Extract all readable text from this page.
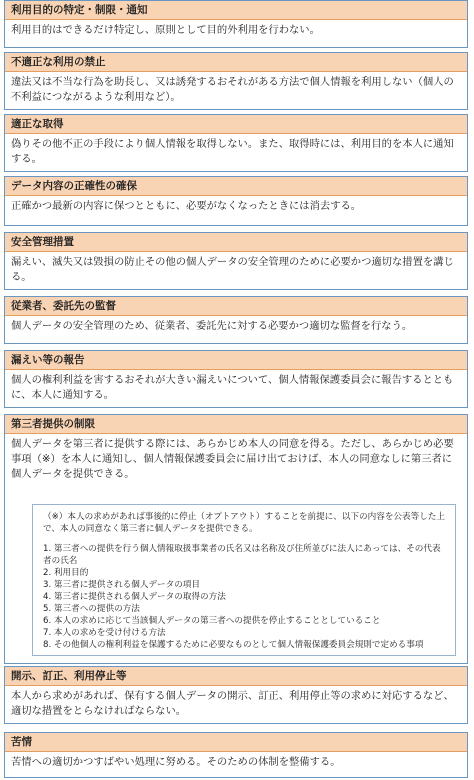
利用目的の特定・制限・通知
利用目的はできるだけ特定し、原則として目的外利用を行わない。
不適正な利用の禁止
違法又は不当な行為を助長し、又は誘発するおそれがある方法で個人情報を利用しない（個人の不利益につながるような利用など）。
適正な取得
偽りその他不正の手段により個人情報を取得しない。また、取得時には、利用目的を本人に通知する。
データ内容の正確性の確保
正確かつ最新の内容に保つとともに、必要がなくなったときには消去する。
安全管理措置
漏えい、滅失又は毀損の防止その他の個人データの安全管理のために必要かつ適切な措置を講じる。
従業者、委託先の監督
個人データの安全管理のため、従業者、委託先に対する必要かつ適切な監督を行なう。
漏えい等の報告
個人の権利利益を害するおそれが大きい漏えいについて、個人情報保護委員会に報告するとともに、本人に通知する。
第三者提供の制限
個人データを第三者に提供する際には、あらかじめ本人の同意を得る。ただし、あらかじめ必要事項（※）を本人に通知し、個人情報保護委員会に届け出ておけば、本人の同意なしに第三者に個人データを提供できる。
（※）本人の求めがあれば事後的に停止（オプトアウト）することを前提に、以下の内容を公表等した上で、本人の同意なく第三者に個人データを提供できる。
1. 第三者への提供を行う個人情報取扱事業者の氏名又は名称及び住所並びに法人にあっては、その代表者の氏名
2. 利用目的
3. 第三者に提供される個人データの項目
4. 第三者に提供される個人データの取得の方法
5. 第三者への提供の方法
6. 本人の求めに応じて当該個人データの第三者への提供を停止することとしていること
7. 本人の求めを受け付ける方法
8. その他個人の権利利益を保護するために必要なものとして個人情報保護委員会規則で定める事項
開示、訂正、利用停止等
本人から求めがあれば、保有する個人データの開示、訂正、利用停止等の求めに対応するなど、適切な措置をとらなければならない。
苦情
苦情への適切かつすばやい処理に努める。そのための体制を整備する。
